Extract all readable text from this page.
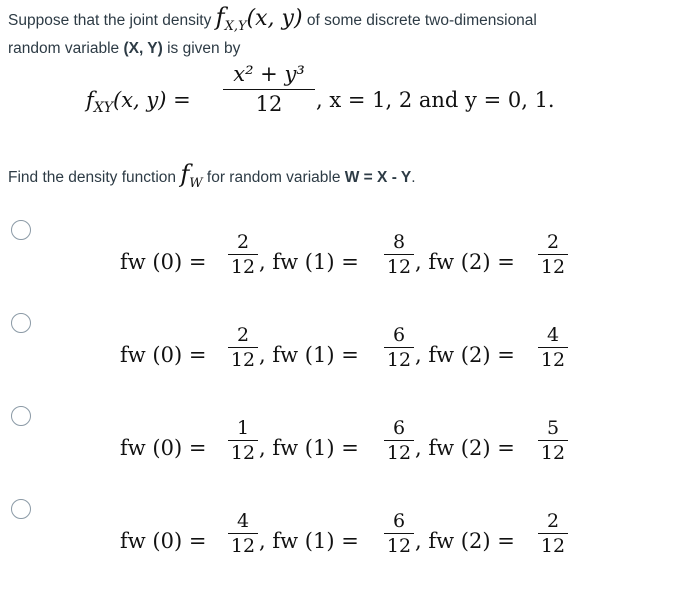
Suppose that the joint density $f_{X,Y}(x$, y) of some discrete two-dimensional
random variable (X, Y) is given by
$f_{XY}(x$, y) =
x² + y³
12	, x = 1, 2 and y = 0, 1.
Find the density function $f_W$ for random variable W = X - Y.
fw (0) =
2
12 , fw (1) =
8
12 , fw (2) =
2
12
fw (0) =
2
12 , fw (1) =
6
12 , fw (2) =
4
12
fw (0) =
1
12 , fw (1) =
6
12 , fw (2) =
5
12
fw (0) =
4
12 , fw (1) =
6
12 , fw (2) =
2
12
